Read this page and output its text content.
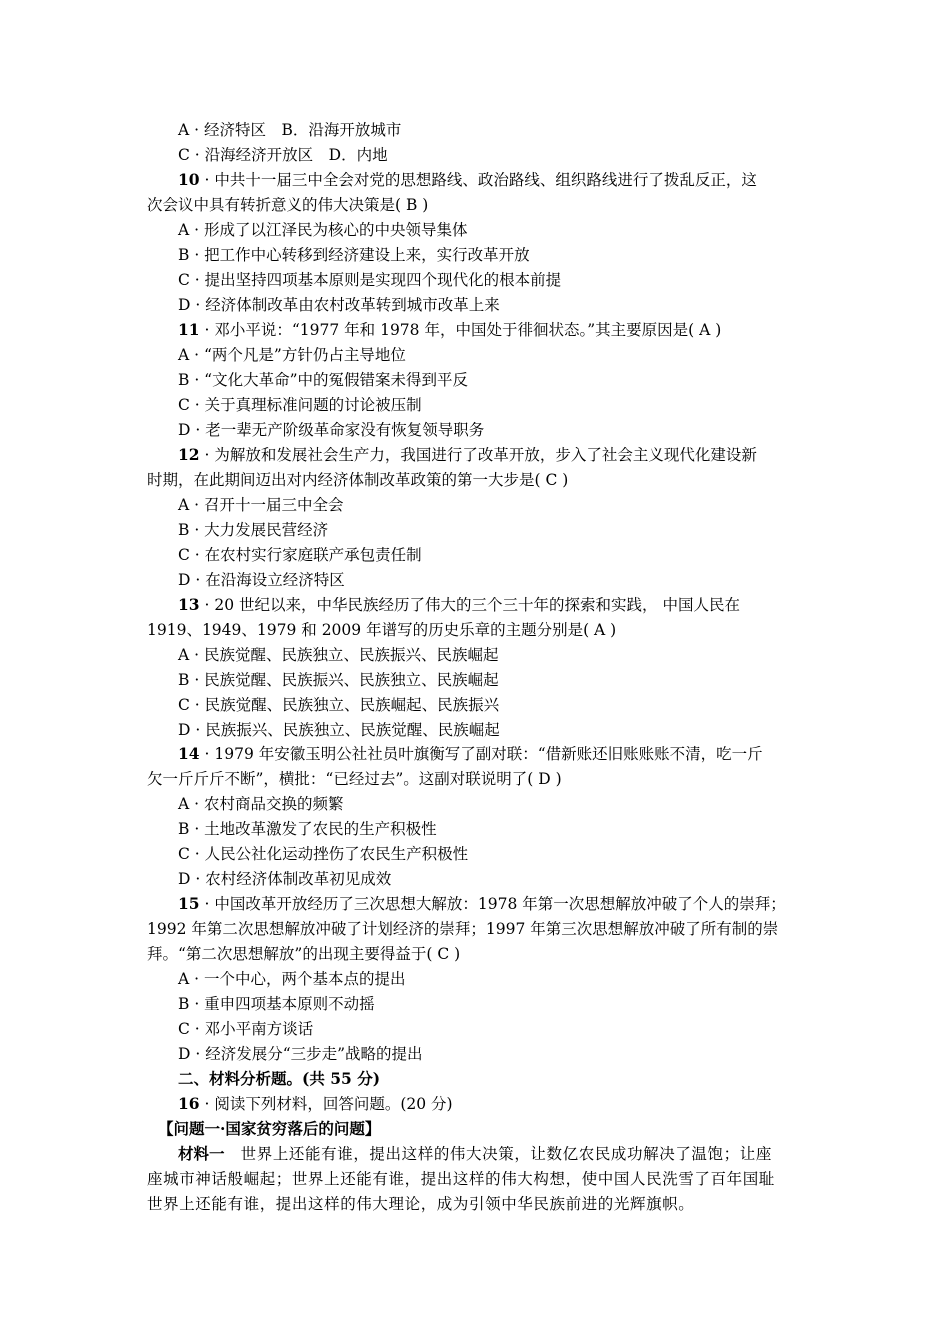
A · 经济特区　B．沿海开放城市
C · 沿海经济开放区　D．内地
10 · 中共十一届三中全会对党的思想路线、政治路线、组织路线进行了拨乱反正，这
次会议中具有转折意义的伟大决策是( B )
A · 形成了以江泽民为核心的中央领导集体
B · 把工作中心转移到经济建设上来，实行改革开放
C · 提出坚持四项基本原则是实现四个现代化的根本前提
D · 经济体制改革由农村改革转到城市改革上来
11 · 邓小平说：“1977 年和 1978 年，中国处于徘徊状态。”其主要原因是( A )
A · “两个凡是”方针仍占主导地位
B · “文化大革命”中的冤假错案未得到平反
C · 关于真理标准问题的讨论被压制
D · 老一辈无产阶级革命家没有恢复领导职务
12 · 为解放和发展社会生产力，我国进行了改革开放，步入了社会主义现代化建设新
时期，在此期间迈出对内经济体制改革政策的第一大步是( C )
A · 召开十一届三中全会
B · 大力发展民营经济
C · 在农村实行家庭联产承包责任制
D · 在沿海设立经济特区
13 · 20 世纪以来，中华民族经历了伟大的三个三十年的探索和实践， 中国人民在
1919、1949、1979 和 2009 年谱写的历史乐章的主题分别是( A )
A · 民族觉醒、民族独立、民族振兴、民族崛起
B · 民族觉醒、民族振兴、民族独立、民族崛起
C · 民族觉醒、民族独立、民族崛起、民族振兴
D · 民族振兴、民族独立、民族觉醒、民族崛起
14 · 1979 年安徽玉明公社社员叶旗衡写了副对联：“借新账还旧账账账不清，吃一斤
欠一斤斤斤不断”，横批：“已经过去”。这副对联说明了( D )
A · 农村商品交换的频繁
B · 土地改革激发了农民的生产积极性
C · 人民公社化运动挫伤了农民生产积极性
D · 农村经济体制改革初见成效
15 · 中国改革开放经历了三次思想大解放：1978 年第一次思想解放冲破了个人的崇拜；
1992 年第二次思想解放冲破了计划经济的崇拜；1997 年第三次思想解放冲破了所有制的崇
拜。“第二次思想解放”的出现主要得益于( C )
A · 一个中心，两个基本点的提出
B · 重申四项基本原则不动摇
C · 邓小平南方谈话
D · 经济发展分“三步走”战略的提出
二、材料分析题。(共 55 分)
16 · 阅读下列材料，回答问题。(20 分)
【问题一·国家贫穷落后的问题】
材料一　世界上还能有谁，提出这样的伟大决策，让数亿农民成功解决了温饱；让座
座城市神话般崛起；世界上还能有谁，提出这样的伟大构想，使中国人民洗雪了百年国耻
世界上还能有谁，提出这样的伟大理论，成为引领中华民族前进的光辉旗帜。
